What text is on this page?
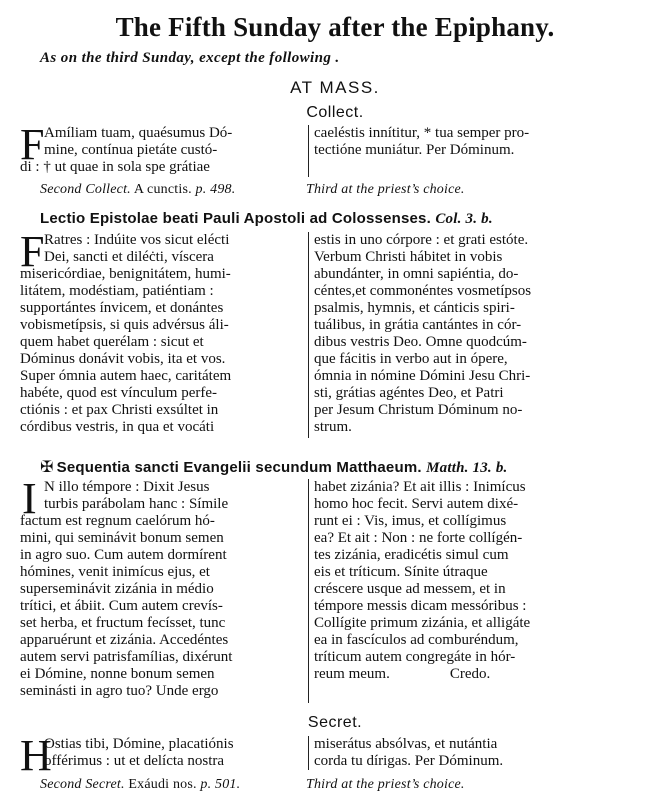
The Fifth Sunday after the Epiphany.
As on the third Sunday, except the following .
AT MASS.
Collect.
F Amíliam tuam, quaésumus Dó-
mine, contínua pietáte custó-
di : † ut quae in sola spe grátiae
caeléstis innítitur, * tua semper pro-
tectióne muniátur. Per Dóminum.
Second Collect. A cunctis. p. 498.	Third at the priest’s choice.
Lectio Epistolae beati Pauli Apostoli ad Colossenses. Col. 3. b.
F Ratres : Indúite vos sicut elécti
Dei, sancti et diléċti, víscera
misericórdiae, benignitátem, humi-
litátem, modéstiam, patiéntiam :
supportántes ínvicem, et donántes
vobismetípsis, si quis advérsus áli-
quem habet querélam : sicut et
Dóminus donávit vobis, ita et vos.
Super ómnia autem haec, caritátem
habéte, quod est vínculum perfe-
ctiónis : et pax Christi exsúltet in
córdibus vestris, in qua et vocáti
estis in uno córpore : et grati estóte.
Verbum Christi hábitet in vobis
abundánter, in omni sapiéntia, do-
céntes,et commonéntes vosmetípsos
psalmis, hymnis, et cánticis spiri-
tuálibus, in grátia cantántes in cór-
dibus vestris Deo. Omne quodcúm-
que fácitis in verbo aut in ópere,
ómnia in nómine Dómini Jesu Chri-
sti, grátias agéntes Deo, et Patri
per Jesum Christum Dóminum no-
strum.
✠ Sequentia sancti Evangelii secundum Matthaeum. Matth. 13. b.
I N illo témpore : Dixit Jesus
turbis parábolam hanc : Símile
factum est regnum caelórum hó-
mini, qui seminávit bonum semen
in agro suo. Cum autem dormírent
hómines, venit inimícus ejus, et
superseminávit zizánia in médio
trítici, et ábiit. Cum autem crevís-
set herba, et fructum fecísset, tunc
apparuérunt et zizánia. Accedéntes
autem servi patrisfamílias, dixérunt
ei Dómine, nonne bonum semen
seminásti in agro tuo? Unde ergo
habet zizánia? Et ait illis : Inimícus
homo hoc fecit. Servi autem dixé-
runt ei : Vis, imus, et collígimus
ea? Et ait : Non : ne forte collígén-
tes zizánia, eradicétis simul cum
eis et tríticum. Sínite útraque
créscere usque ad messem, et in
témpore messis dicam messóribus :
Collígite primum zizánia, et alligáte
ea in fascículos ad comburéndum,
tríticum autem congregáte in hór-
reum meum.	Credo.
Secret.
H
Ostias tibi, Dómine, placatiónis
offérimus : ut et delícta nostra
miserátus absólvas, et nutántia
corda tu dírigas. Per Dóminum.
Second Secret. Exáudi nos. p. 501.	Third at the priest’s choice.
